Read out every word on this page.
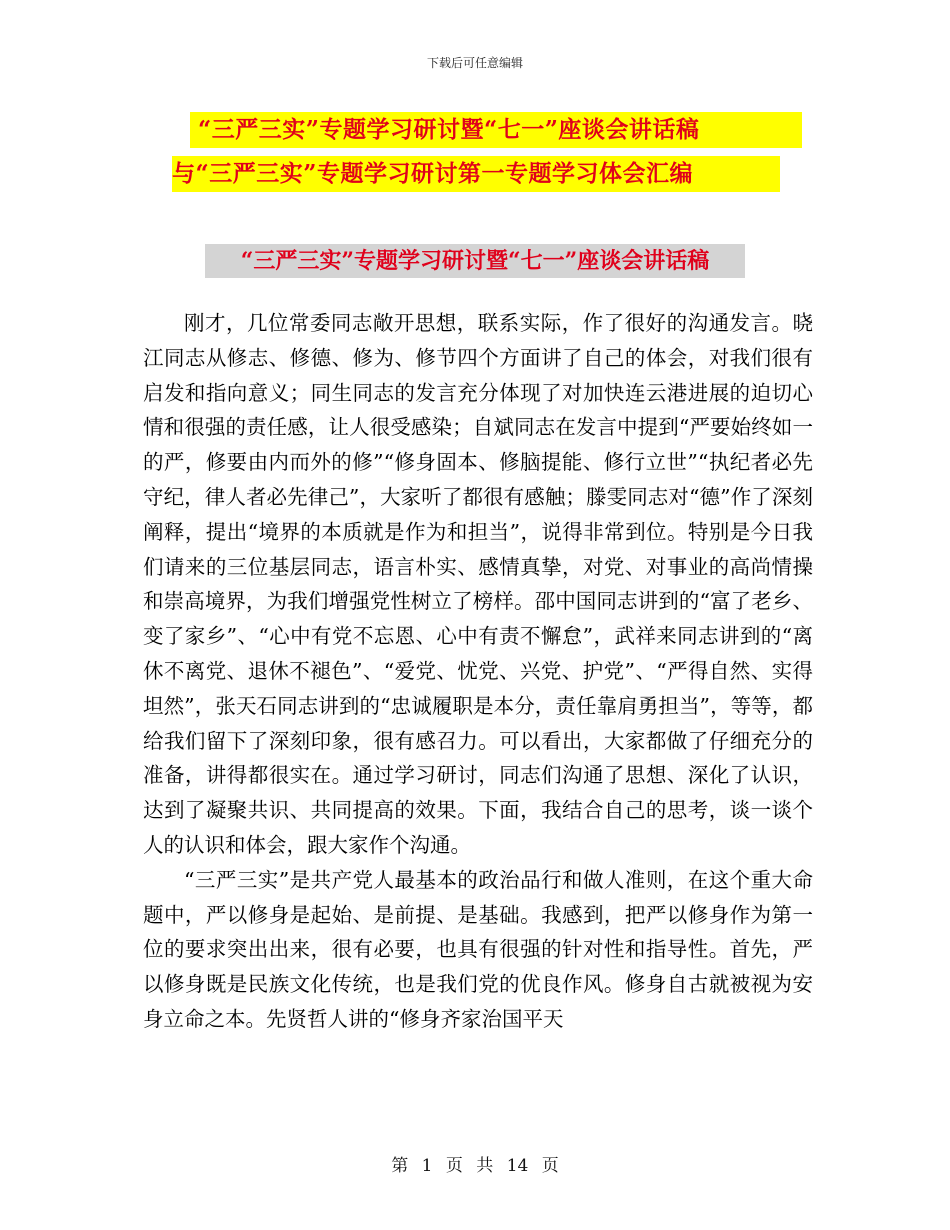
下载后可任意编辑
“三严三实”专题学习研讨暨“七一”座谈会讲话稿
与“三严三实”专题学习研讨第一专题学习体会汇编
“三严三实”专题学习研讨暨“七一”座谈会讲话稿

刚才，几位常委同志敞开思想，联系实际，作了很好的沟通发言。晓江同志从修志、修德、修为、修节四个方面讲了自己的体会，对我们很有启发和指向意义；同生同志的发言充分体现了对加快连云港进展的迫切心情和很强的责任感，让人很受感染；自斌同志在发言中提到“严要始终如一的严，修要由内而外的修”“修身固本、修脑提能、修行立世”“执纪者必先守纪，律人者必先律己”，大家听了都很有感触；滕雯同志对“德”作了深刻阐释，提出“境界的本质就是作为和担当”，说得非常到位。特别是今日我们请来的三位基层同志，语言朴实、感情真挚，对党、对事业的高尚情操和崇高境界，为我们增强党性树立了榜样。邵中国同志讲到的“富了老乡、变了家乡”、“心中有党不忘恩、心中有责不懈怠”，武祥来同志讲到的“离休不离党、退休不褪色”、“爱党、忧党、兴党、护党”、“严得自然、实得坦然”，张天石同志讲到的“忠诚履职是本分，责任靠肩勇担当”，等等，都给我们留下了深刻印象，很有感召力。可以看出，大家都做了仔细充分的准备，讲得都很实在。通过学习研讨，同志们沟通了思想、深化了认识，达到了凝聚共识、共同提高的效果。下面，我结合自己的思考，谈一谈个人的认识和体会，跟大家作个沟通。

“三严三实”是共产党人最基本的政治品行和做人准则，在这个重大命题中，严以修身是起始、是前提、是基础。我感到，把严以修身作为第一位的要求突出出来，很有必要，也具有很强的针对性和指导性。首先，严以修身既是民族文化传统，也是我们党的优良作风。修身自古就被视为安身立命之本。先贤哲人讲的“修身齐家治国平天

第 1 页 共 14 页
